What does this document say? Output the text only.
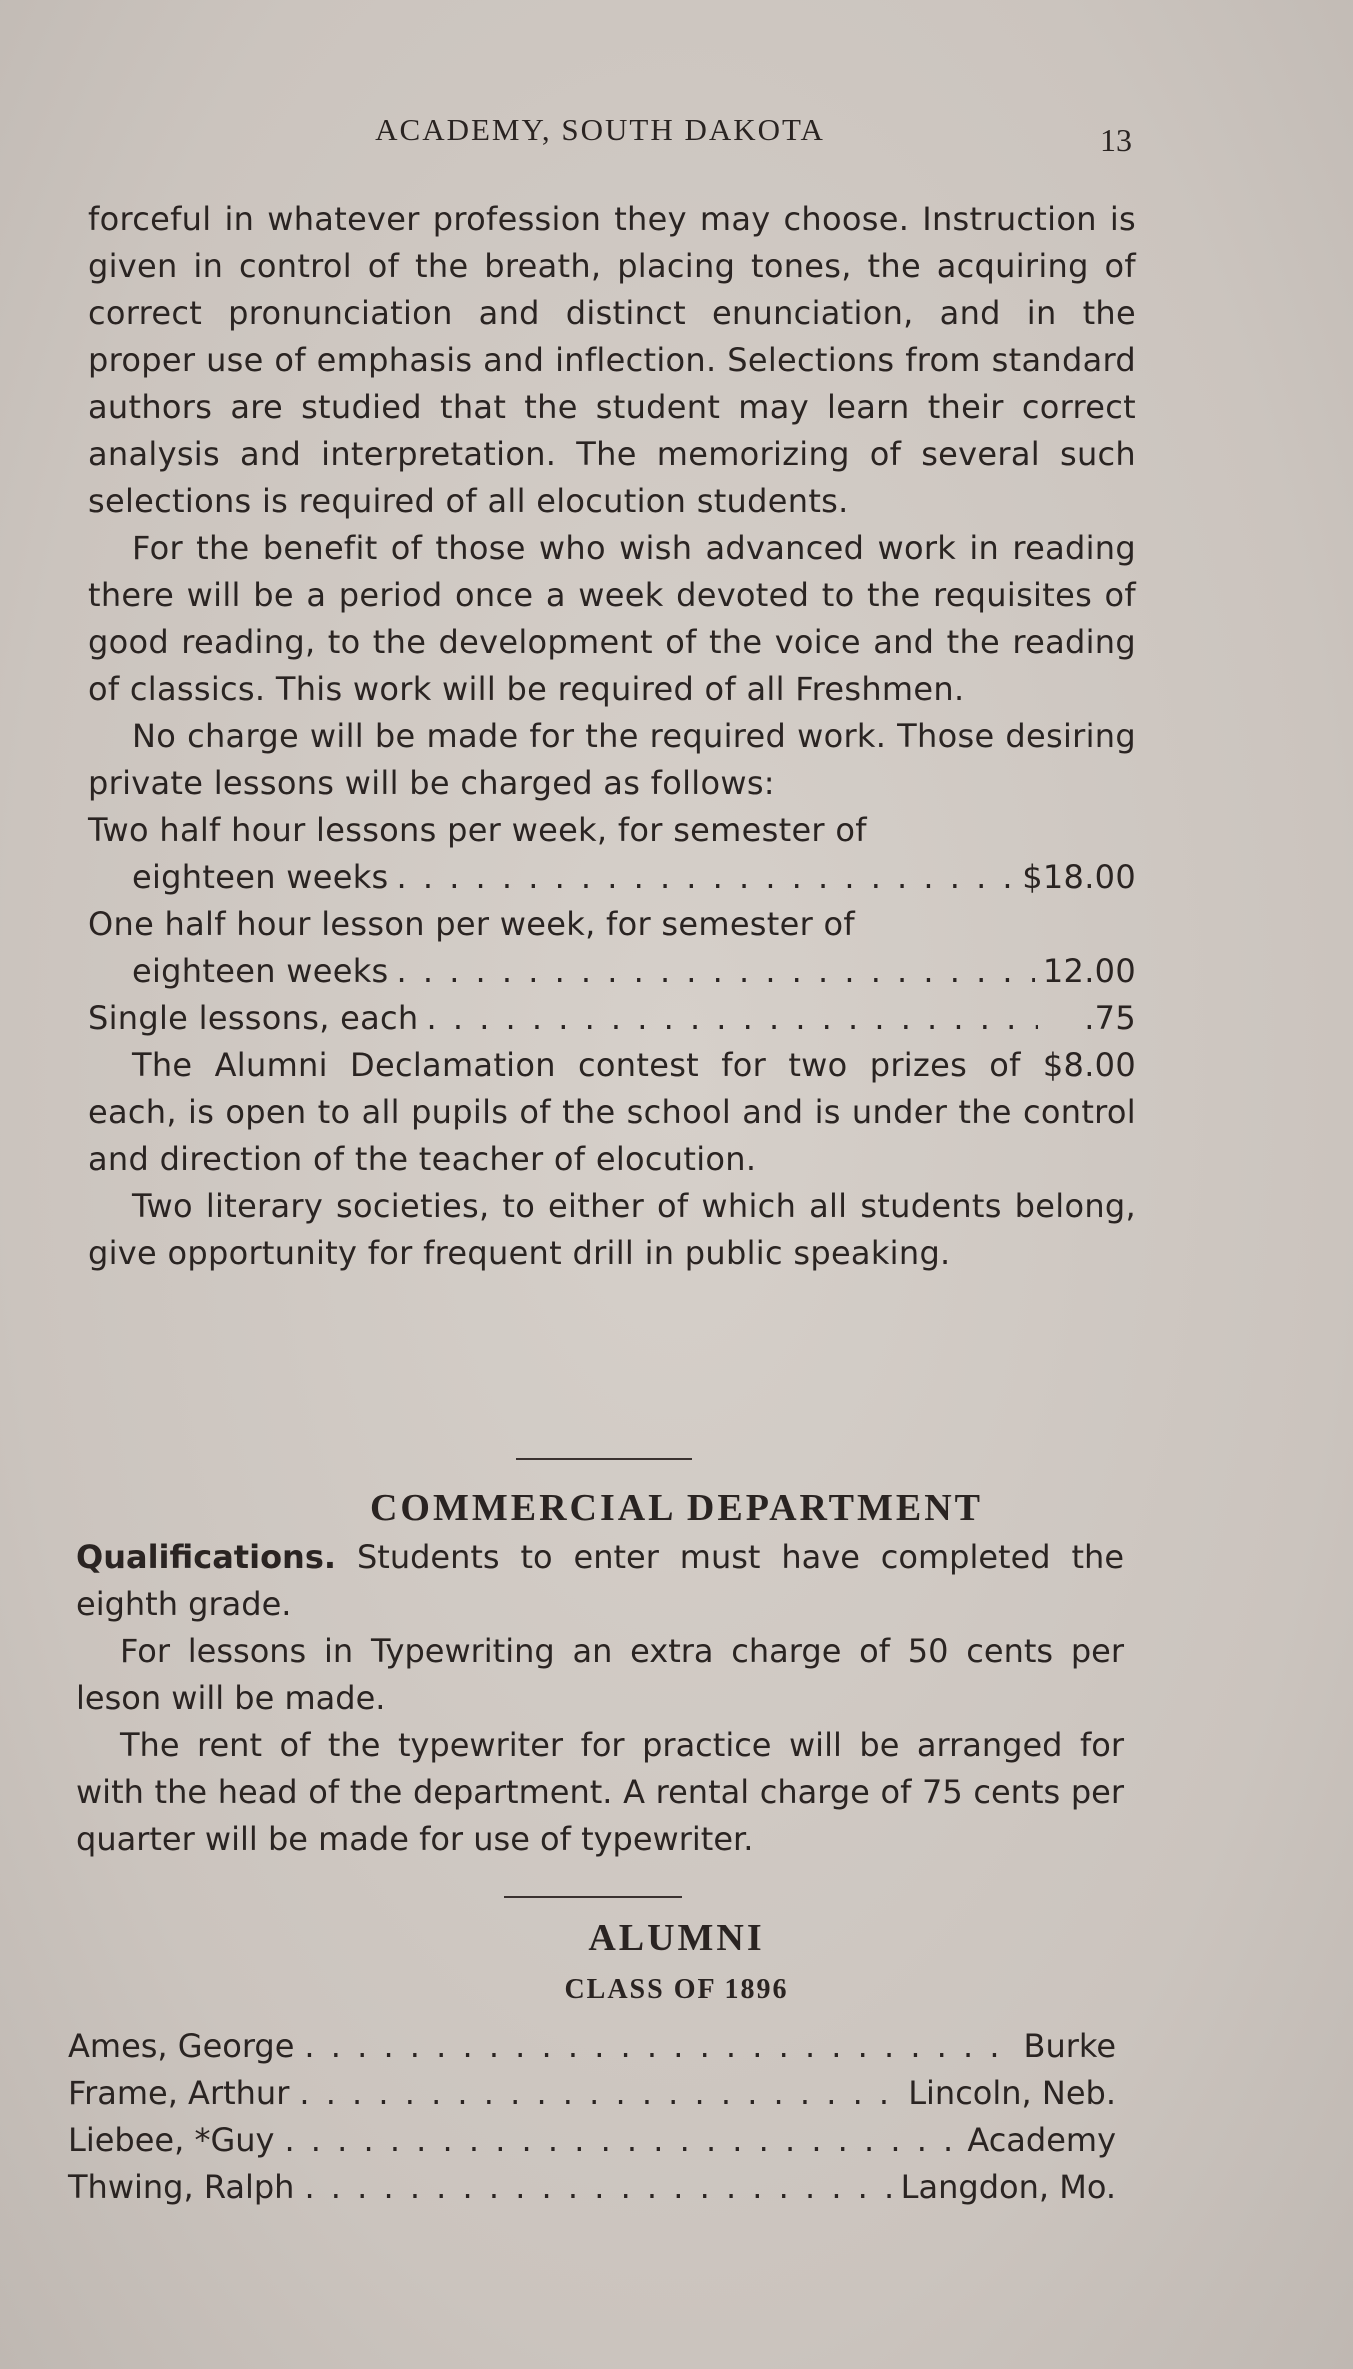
ACADEMY, SOUTH DAKOTA	13

forceful in whatever profession they may choose. Instruction is given in control of the breath, placing tones, the acquiring of correct pronunciation and distinct enunciation, and in the proper use of emphasis and inflection. Selections from standard authors are studied that the student may learn their correct analysis and interpretation. The memorizing of several such selections is required of all elocution students.

For the benefit of those who wish advanced work in reading there will be a period once a week devoted to the requisites of good reading, to the development of the voice and the reading of classics. This work will be required of all Freshmen.

No charge will be made for the required work. Those desiring private lessons will be charged as follows:

Two half hour lessons per week, for semester of
eighteen weeks . . .	$18.00
One half hour lesson per week, for semester of
eighteen weeks . . .	12.00
Single lessons, each . . .	.75

The Alumni Declamation contest for two prizes of $8.00 each, is open to all pupils of the school and is under the control and direction of the teacher of elocution.

Two literary societies, to either of which all students belong, give opportunity for frequent drill in public speaking.

COMMERCIAL DEPARTMENT

Qualifications. Students to enter must have completed the eighth grade.

For lessons in Typewriting an extra charge of 50 cents per leson will be made.

The rent of the typewriter for practice will be arranged for with the head of the department. A rental charge of 75 cents per quarter will be made for use of typewriter.

ALUMNI
CLASS OF 1896
Ames, George . . .	Burke
Frame, Arthur . . .	Lincoln, Neb.
Liebee, *Guy . . .	Academy
Thwing, Ralph . . .	Langdon, Mo.
